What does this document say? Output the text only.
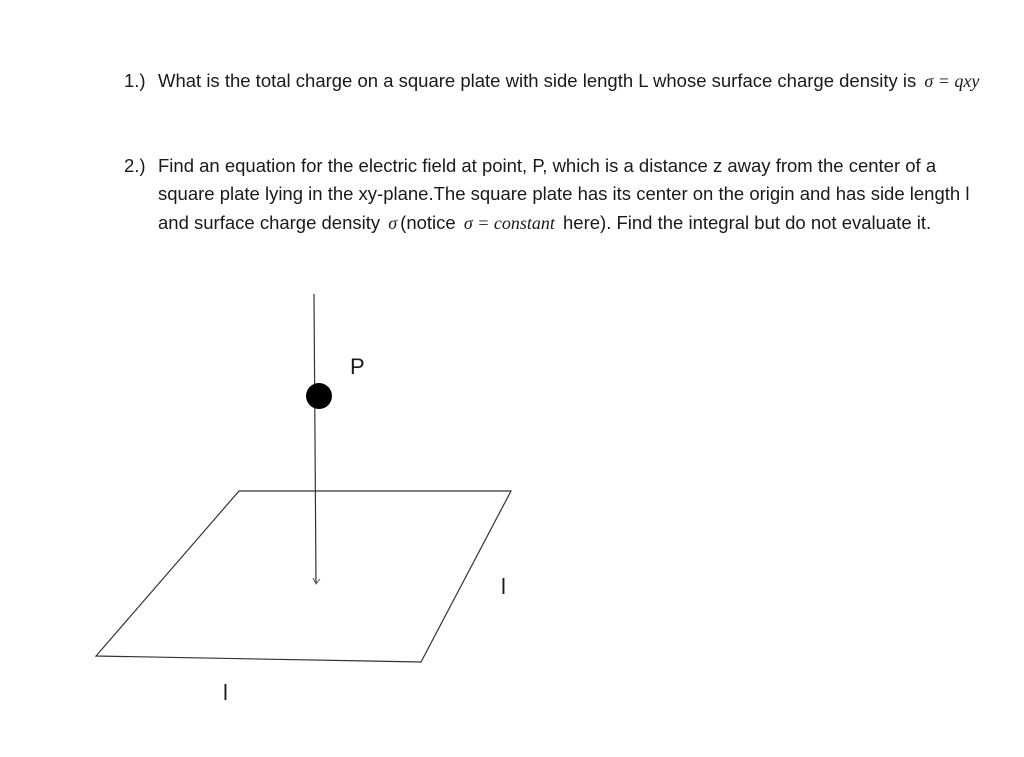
1.) What is the total charge on a square plate with side length L whose surface charge density is σ = qxy
2.) Find an equation for the electric field at point, P, which is a distance z away from the center of a square plate lying in the xy-plane.The square plate has its center on the origin and has side length l and surface charge density σ (notice σ = constant here). Find the integral but do not evaluate it.
P
l
l
